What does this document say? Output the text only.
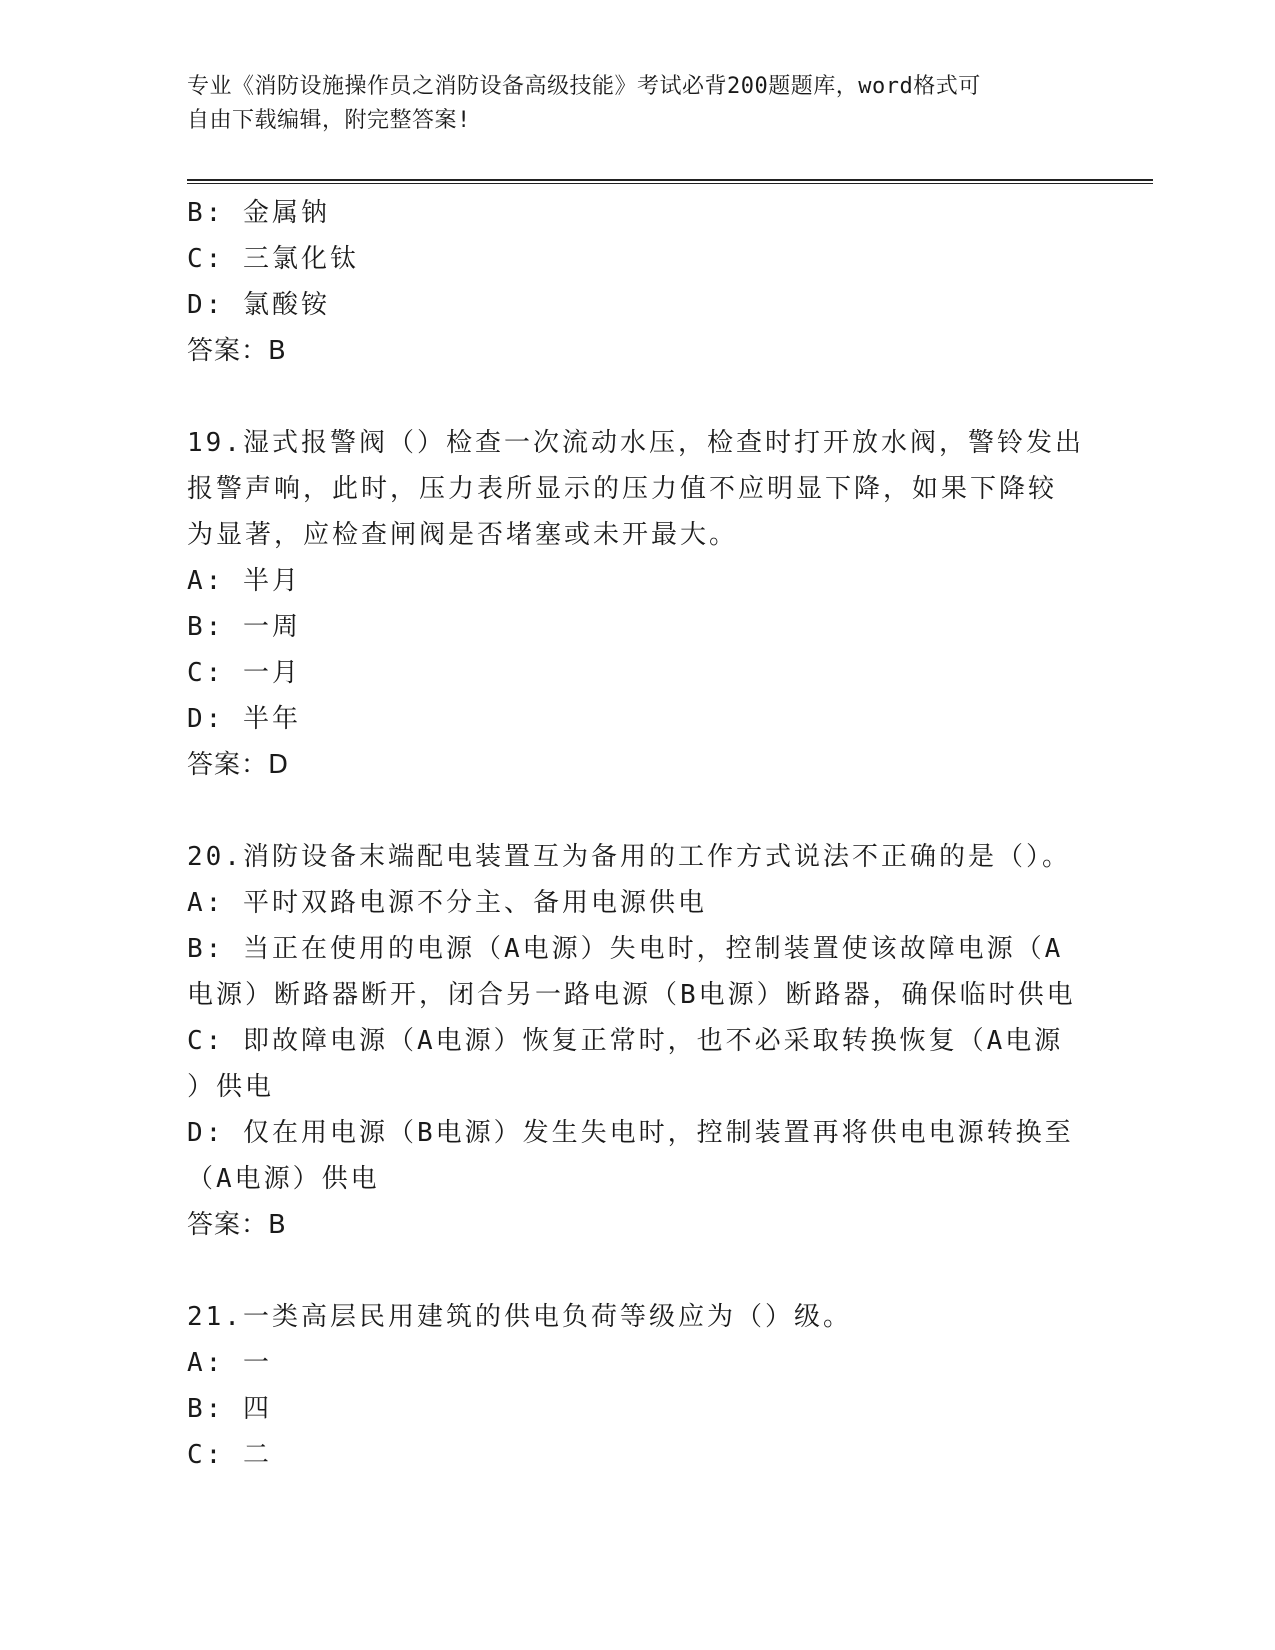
专业《消防设施操作员之消防设备高级技能》考试必背200题题库，word格式可
自由下载编辑，附完整答案!
B: 金属钠
C: 三氯化钛
D: 氯酸铵
答案：B
19.湿式报警阀（）检查一次流动水压，检查时打开放水阀，警铃发出
报警声响，此时，压力表所显示的压力值不应明显下降，如果下降较
为显著，应检查闸阀是否堵塞或未开最大。
A: 半月
B: 一周
C: 一月
D: 半年
答案：D
20.消防设备末端配电装置互为备用的工作方式说法不正确的是（）。
A: 平时双路电源不分主、备用电源供电
B: 当正在使用的电源（A电源）失电时，控制装置使该故障电源（A
电源）断路器断开，闭合另一路电源（B电源）断路器，确保临时供电
C: 即故障电源（A电源）恢复正常时，也不必采取转换恢复（A电源
）供电
D: 仅在用电源（B电源）发生失电时，控制装置再将供电电源转换至
（A电源）供电
答案：B
21.一类高层民用建筑的供电负荷等级应为（）级。
A: 一
B: 四
C: 二
